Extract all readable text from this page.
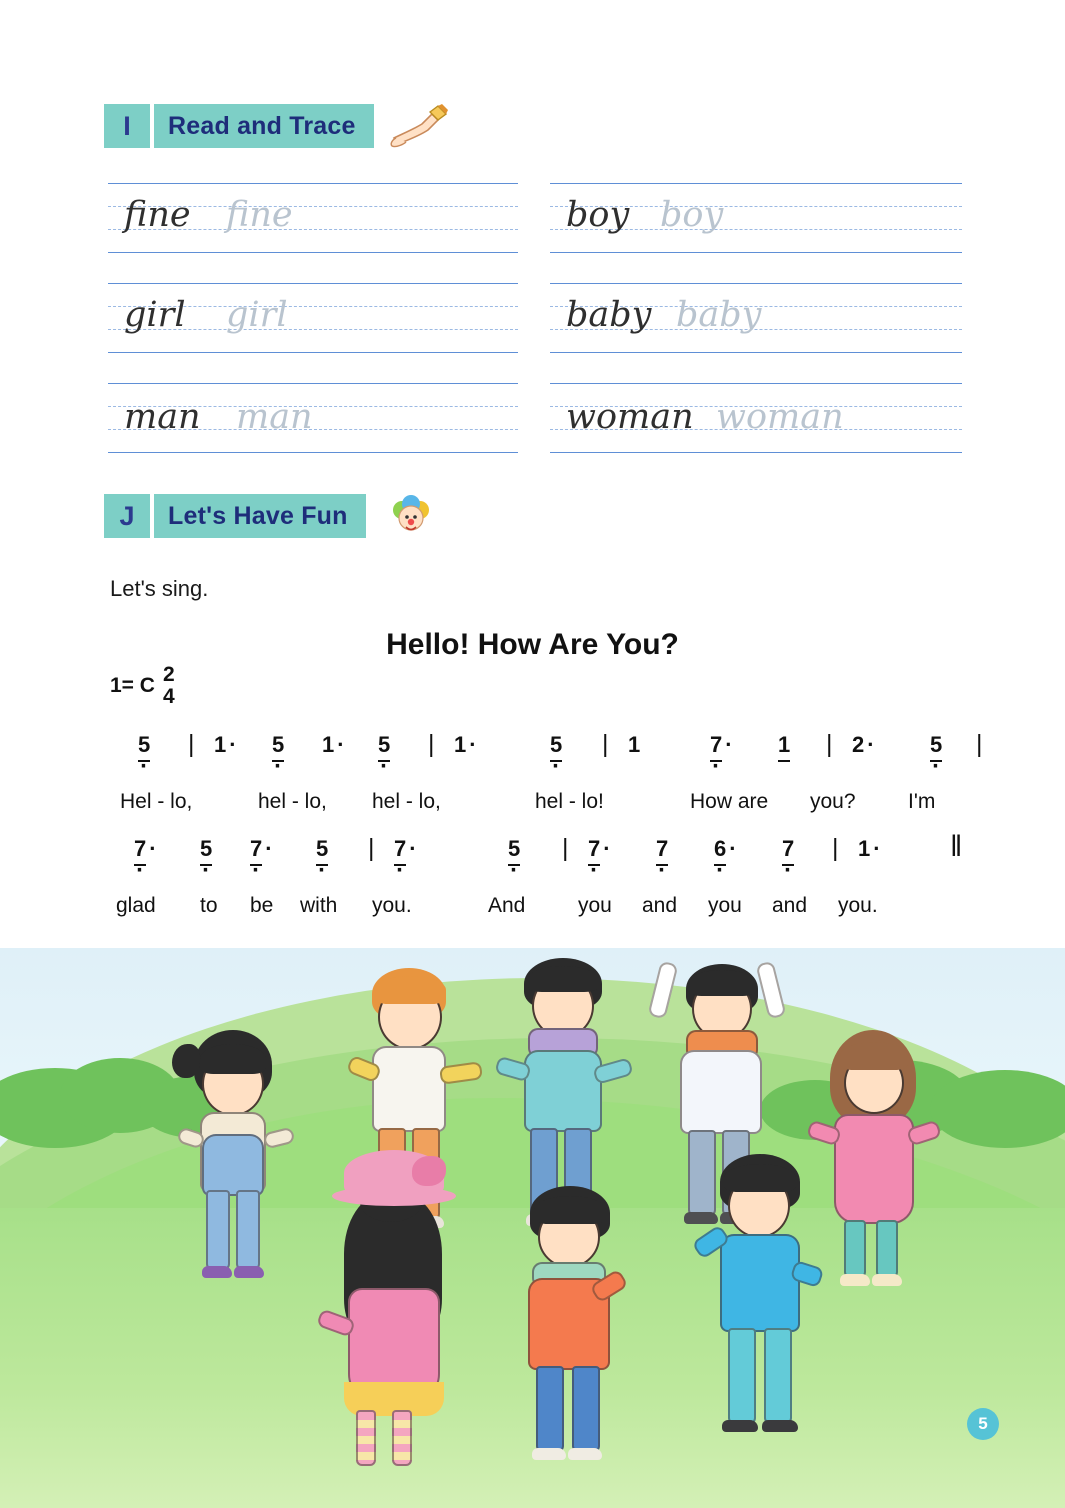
I	Read and Trace
fine fine	boy boy
girl girl	baby baby
man man	woman woman
J	Let's Have Fun
Let's sing.
Hello! How Are You?
1= C 2
4
5 · | 1 · 5 · 1 · 5 · | 1 ·	5 · | 1	7 · · 1 | 2 ·	5 · |
Hel - lo,	hel - lo, hel - lo,	hel - lo!	How are you? I'm
7 · · 5 · 7 · · 5 · | 7 · ·	5 · | 7 · · 7 · 6 · · 7 · | 1 · ‖
glad to be with you.	And	you and you and you.
5
